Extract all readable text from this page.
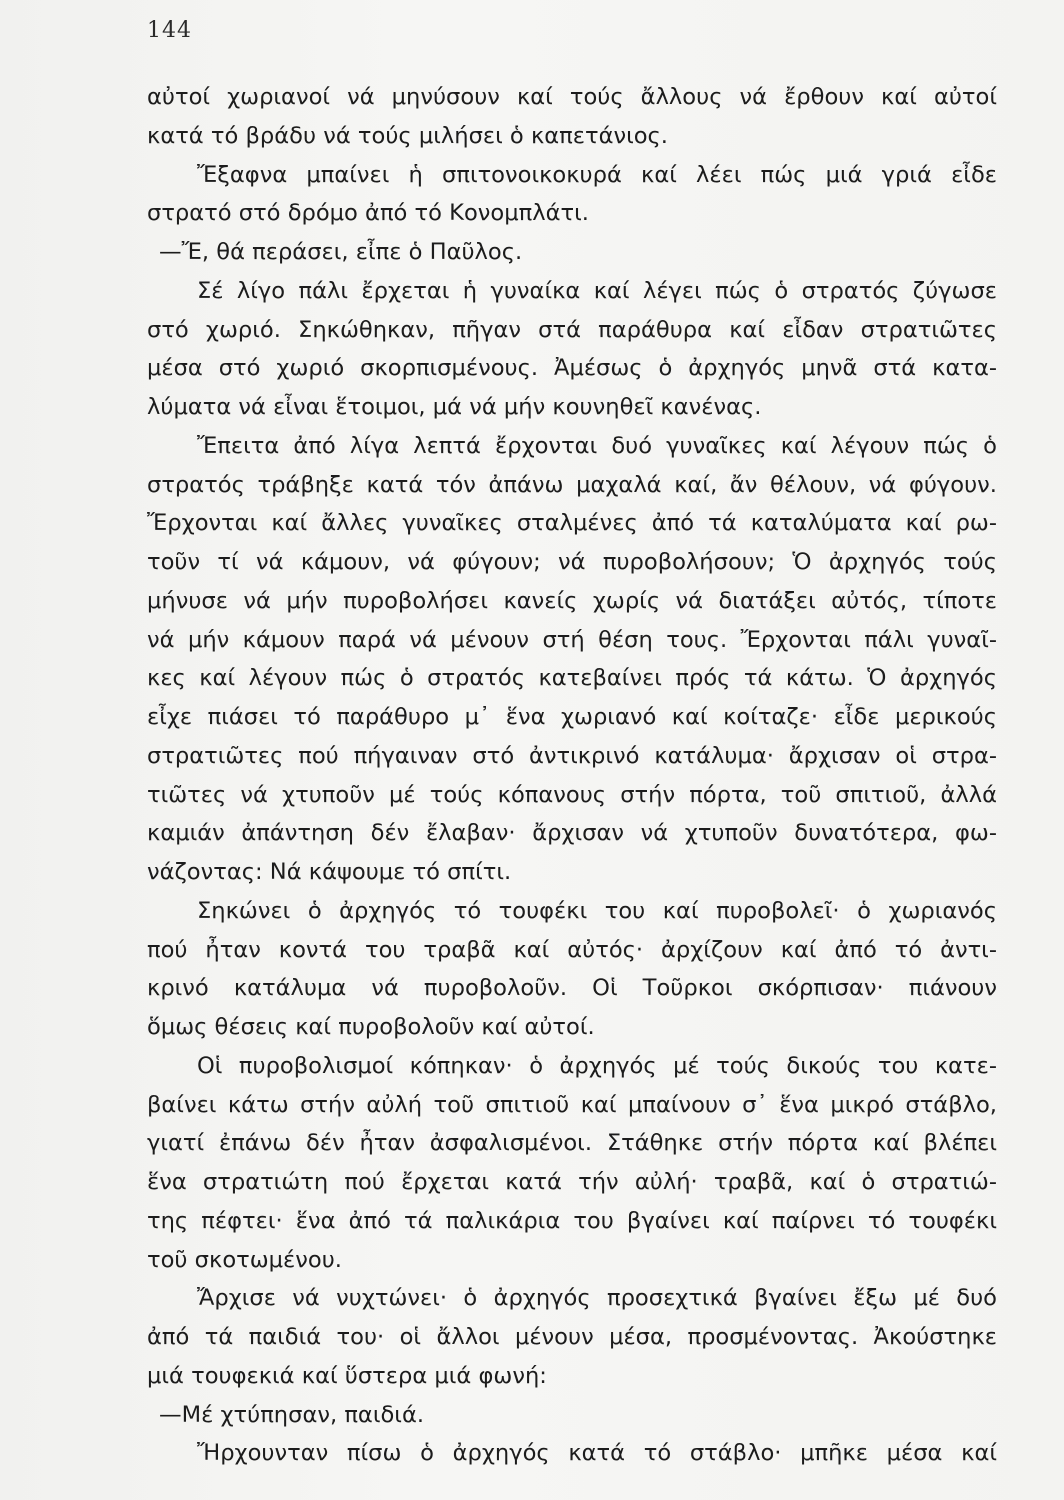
144
αὐτοί χωριανοί νά μηνύσουν καί τούς ἄλλους νά ἔρθουν καί αὐτοί
κατά τό βράδυ νά τούς μιλήσει ὁ καπετάνιος.
Ἔξαφνα μπαίνει ἡ σπιτονοικοκυρά καί λέει πώς μιά γριά εἶδε
στρατό στό δρόμο ἀπό τό Κονομπλάτι.
—Ἔ, θά περάσει, εἶπε ὁ Παῦλος.
Σέ λίγο πάλι ἔρχεται ἡ γυναίκα καί λέγει πώς ὁ στρατός ζύγωσε
στό χωριό. Σηκώθηκαν, πῆγαν στά παράθυρα καί εἶδαν στρατιῶτες
μέσα στό χωριό σκορπισμένους. Ἀμέσως ὁ ἀρχηγός μηνᾶ στά κατα-
λύματα νά εἶναι ἕτοιμοι, μά νά μήν κουνηθεῖ κανένας.
Ἔπειτα ἀπό λίγα λεπτά ἔρχονται δυό γυναῖκες καί λέγουν πώς ὁ
στρατός τράβηξε κατά τόν ἀπάνω μαχαλά καί, ἄν θέλουν, νά φύγουν.
Ἔρχονται καί ἄλλες γυναῖκες σταλμένες ἀπό τά καταλύματα καί ρω-
τοῦν τί νά κάμουν, νά φύγουν; νά πυροβολήσουν; Ὁ ἀρχηγός τούς
μήνυσε νά μήν πυροβολήσει κανείς χωρίς νά διατάξει αὐτός, τίποτε
νά μήν κάμουν παρά νά μένουν στή θέση τους. Ἔρχονται πάλι γυναῖ-
κες καί λέγουν πώς ὁ στρατός κατεβαίνει πρός τά κάτω. Ὁ ἀρχηγός
εἶχε πιάσει τό παράθυρο μ᾽ ἕνα χωριανό καί κοίταζε· εἶδε μερικούς
στρατιῶτες πού πήγαιναν στό ἀντικρινό κατάλυμα· ἄρχισαν οἱ στρα-
τιῶτες νά χτυποῦν μέ τούς κόπανους στήν πόρτα, τοῦ σπιτιοῦ, ἀλλά
καμιάν ἀπάντηση δέν ἔλαβαν· ἄρχισαν νά χτυποῦν δυνατότερα, φω-
νάζοντας: Νά κάψουμε τό σπίτι.
Σηκώνει ὁ ἀρχηγός τό τουφέκι του καί πυροβολεῖ· ὁ χωριανός
πού ἦταν κοντά του τραβᾶ καί αὐτός· ἀρχίζουν καί ἀπό τό ἀντι-
κρινό κατάλυμα νά πυροβολοῦν. Οἱ Τοῦρκοι σκόρπισαν· πιάνουν
ὅμως θέσεις καί πυροβολοῦν καί αὐτοί.
Οἱ πυροβολισμοί κόπηκαν· ὁ ἀρχηγός μέ τούς δικούς του κατε-
βαίνει κάτω στήν αὐλή τοῦ σπιτιοῦ καί μπαίνουν σ᾽ ἕνα μικρό στάβλο,
γιατί ἐπάνω δέν ἦταν ἀσφαλισμένοι. Στάθηκε στήν πόρτα καί βλέπει
ἕνα στρατιώτη πού ἔρχεται κατά τήν αὐλή· τραβᾶ, καί ὁ στρατιώ-
της πέφτει· ἕνα ἀπό τά παλικάρια του βγαίνει καί παίρνει τό τουφέκι
τοῦ σκοτωμένου.
Ἄρχισε νά νυχτώνει· ὁ ἀρχηγός προσεχτικά βγαίνει ἔξω μέ δυό
ἀπό τά παιδιά του· οἱ ἄλλοι μένουν μέσα, προσμένοντας. Ἀκούστηκε
μιά τουφεκιά καί ὕστερα μιά φωνή:
—Μέ χτύπησαν, παιδιά.
Ἤρχουνταν πίσω ὁ ἀρχηγός κατά τό στάβλο· μπῆκε μέσα καί
